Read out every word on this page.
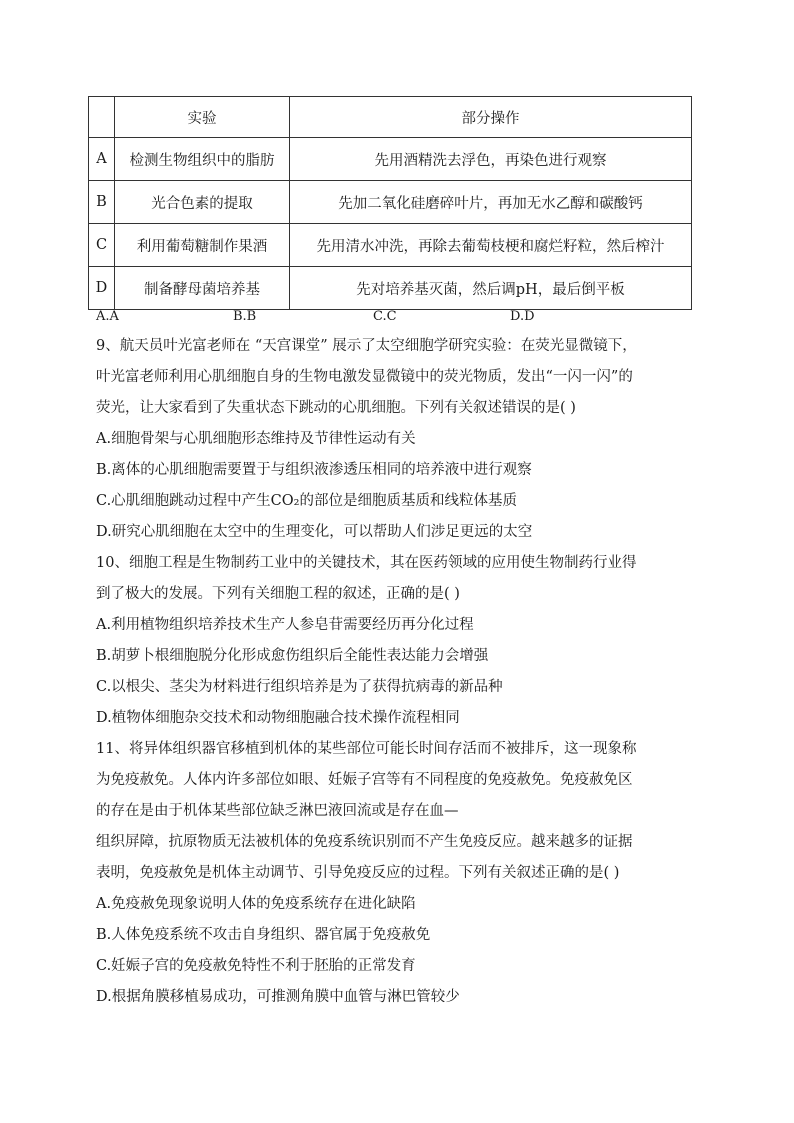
	实验	部分操作
A	检测生物组织中的脂肪	先用酒精洗去浮色，再染色进行观察
B	光合色素的提取	先加二氧化硅磨碎叶片，再加无水乙醇和碳酸钙
C	利用葡萄糖制作果酒	先用清水冲洗，再除去葡萄枝梗和腐烂籽粒，然后榨汁
D	制备酵母菌培养基	先对培养基灭菌，然后调pH，最后倒平板
A.A	B.B	C.C	D.D
9、航天员叶光富老师在 “天宫课堂” 展示了太空细胞学研究实验：在荧光显微镜下，
叶光富老师利用心肌细胞自身的生物电激发显微镜中的荧光物质，发出“一闪一闪”的
荧光，让大家看到了失重状态下跳动的心肌细胞。下列有关叙述错误的是( )
A.细胞骨架与心肌细胞形态维持及节律性运动有关
B.离体的心肌细胞需要置于与组织液渗透压相同的培养液中进行观察
C.心肌细胞跳动过程中产生CO₂的部位是细胞质基质和线粒体基质
D.研究心肌细胞在太空中的生理变化，可以帮助人们涉足更远的太空
10、细胞工程是生物制药工业中的关键技术，其在医药领域的应用使生物制药行业得
到了极大的发展。下列有关细胞工程的叙述，正确的是( )
A.利用植物组织培养技术生产人参皂苷需要经历再分化过程
B.胡萝卜根细胞脱分化形成愈伤组织后全能性表达能力会增强
C.以根尖、茎尖为材料进行组织培养是为了获得抗病毒的新品种
D.植物体细胞杂交技术和动物细胞融合技术操作流程相同
11、将异体组织器官移植到机体的某些部位可能长时间存活而不被排斥，这一现象称
为免疫赦免。人体内许多部位如眼、妊娠子宫等有不同程度的免疫赦免。免疫赦免区
的存在是由于机体某些部位缺乏淋巴液回流或是存在血—
组织屏障，抗原物质无法被机体的免疫系统识别而不产生免疫反应。越来越多的证据
表明，免疫赦免是机体主动调节、引导免疫反应的过程。下列有关叙述正确的是( )
A.免疫赦免现象说明人体的免疫系统存在进化缺陷
B.人体免疫系统不攻击自身组织、器官属于免疫赦免
C.妊娠子宫的免疫赦免特性不利于胚胎的正常发育
D.根据角膜移植易成功，可推测角膜中血管与淋巴管较少
